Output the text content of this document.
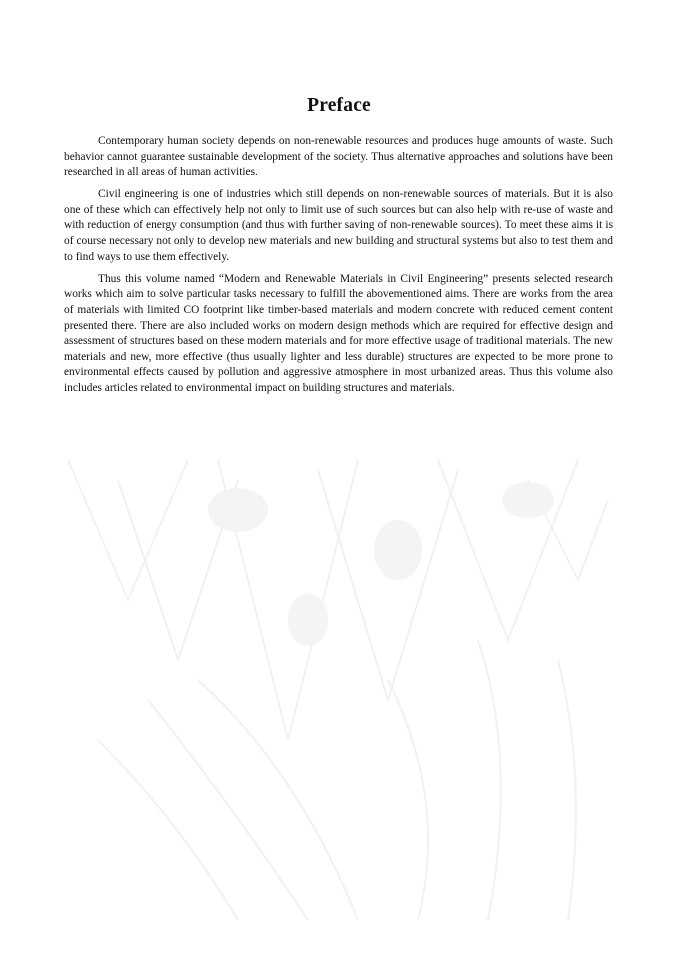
Preface

Contemporary human society depends on non-renewable resources and produces huge amounts of waste. Such behavior cannot guarantee sustainable development of the society. Thus alternative approaches and solutions have been researched in all areas of human activities.

Civil engineering is one of industries which still depends on non-renewable sources of materials. But it is also one of these which can effectively help not only to limit use of such sources but can also help with re-use of waste and with reduction of energy consumption (and thus with further saving of non-renewable sources). To meet these aims it is of course necessary not only to develop new materials and new building and structural systems but also to test them and to find ways to use them effectively.

Thus this volume named “Modern and Renewable Materials in Civil Engineering” presents selected research works which aim to solve particular tasks necessary to fulfill the abovementioned aims. There are works from the area of materials with limited CO footprint like timber-based materials and modern concrete with reduced cement content presented there. There are also included works on modern design methods which are required for effective design and assessment of structures based on these modern materials and for more effective usage of traditional materials. The new materials and new, more effective (thus usually lighter and less durable) structures are expected to be more prone to environmental effects caused by pollution and aggressive atmosphere in most urbanized areas. Thus this volume also includes articles related to environmental impact on building structures and materials.
